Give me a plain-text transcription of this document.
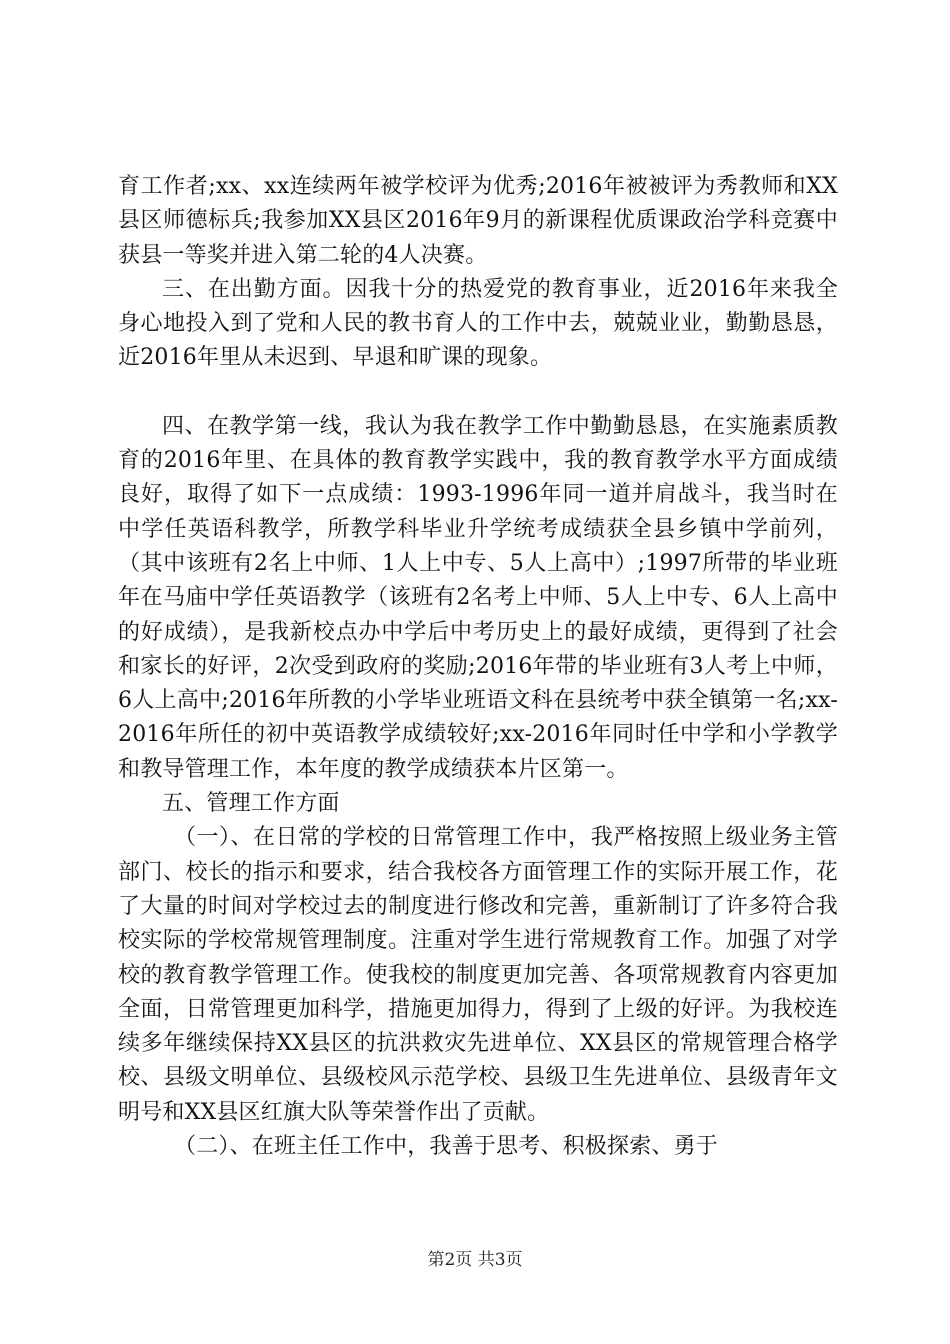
育工作者;xx、xx连续两年被学校评为优秀;2016年被被评为秀教师和XX县区师德标兵;我参加XX县区2016年9月的新课程优质课政治学科竞赛中获县一等奖并进入第二轮的4人决赛。

三、在出勤方面。因我十分的热爱党的教育事业，近2016年来我全身心地投入到了党和人民的教书育人的工作中去，兢兢业业，勤勤恳恳，近2016年里从未迟到、早退和旷课的现象。

四、在教学第一线，我认为我在教学工作中勤勤恳恳，在实施素质教育的2016年里、在具体的教育教学实践中，我的教育教学水平方面成绩良好，取得了如下一点成绩：1993-1996年同一道并肩战斗，我当时在中学任英语科教学，所教学科毕业升学统考成绩获全县乡镇中学前列，（其中该班有2名上中师、1人上中专、5人上高中）;1997所带的毕业班年在马庙中学任英语教学（该班有2名考上中师、5人上中专、6人上高中的好成绩），是我新校点办中学后中考历史上的最好成绩，更得到了社会和家长的好评，2次受到政府的奖励;2016年带的毕业班有3人考上中师，6人上高中;2016年所教的小学毕业班语文科在县统考中获全镇第一名;xx-2016年所任的初中英语教学成绩较好;xx-2016年同时任中学和小学教学和教导管理工作，本年度的教学成绩获本片区第一。

五、管理工作方面

（一）、在日常的学校的日常管理工作中，我严格按照上级业务主管部门、校长的指示和要求，结合我校各方面管理工作的实际开展工作，花了大量的时间对学校过去的制度进行修改和完善，重新制订了许多符合我校实际的学校常规管理制度。注重对学生进行常规教育工作。加强了对学校的教育教学管理工作。使我校的制度更加完善、各项常规教育内容更加全面，日常管理更加科学，措施更加得力，得到了上级的好评。为我校连续多年继续保持XX县区的抗洪救灾先进单位、XX县区的常规管理合格学校、县级文明单位、县级校风示范学校、县级卫生先进单位、县级青年文明号和XX县区红旗大队等荣誉作出了贡献。

（二）、在班主任工作中，我善于思考、积极探索、勇于

第2页 共3页
